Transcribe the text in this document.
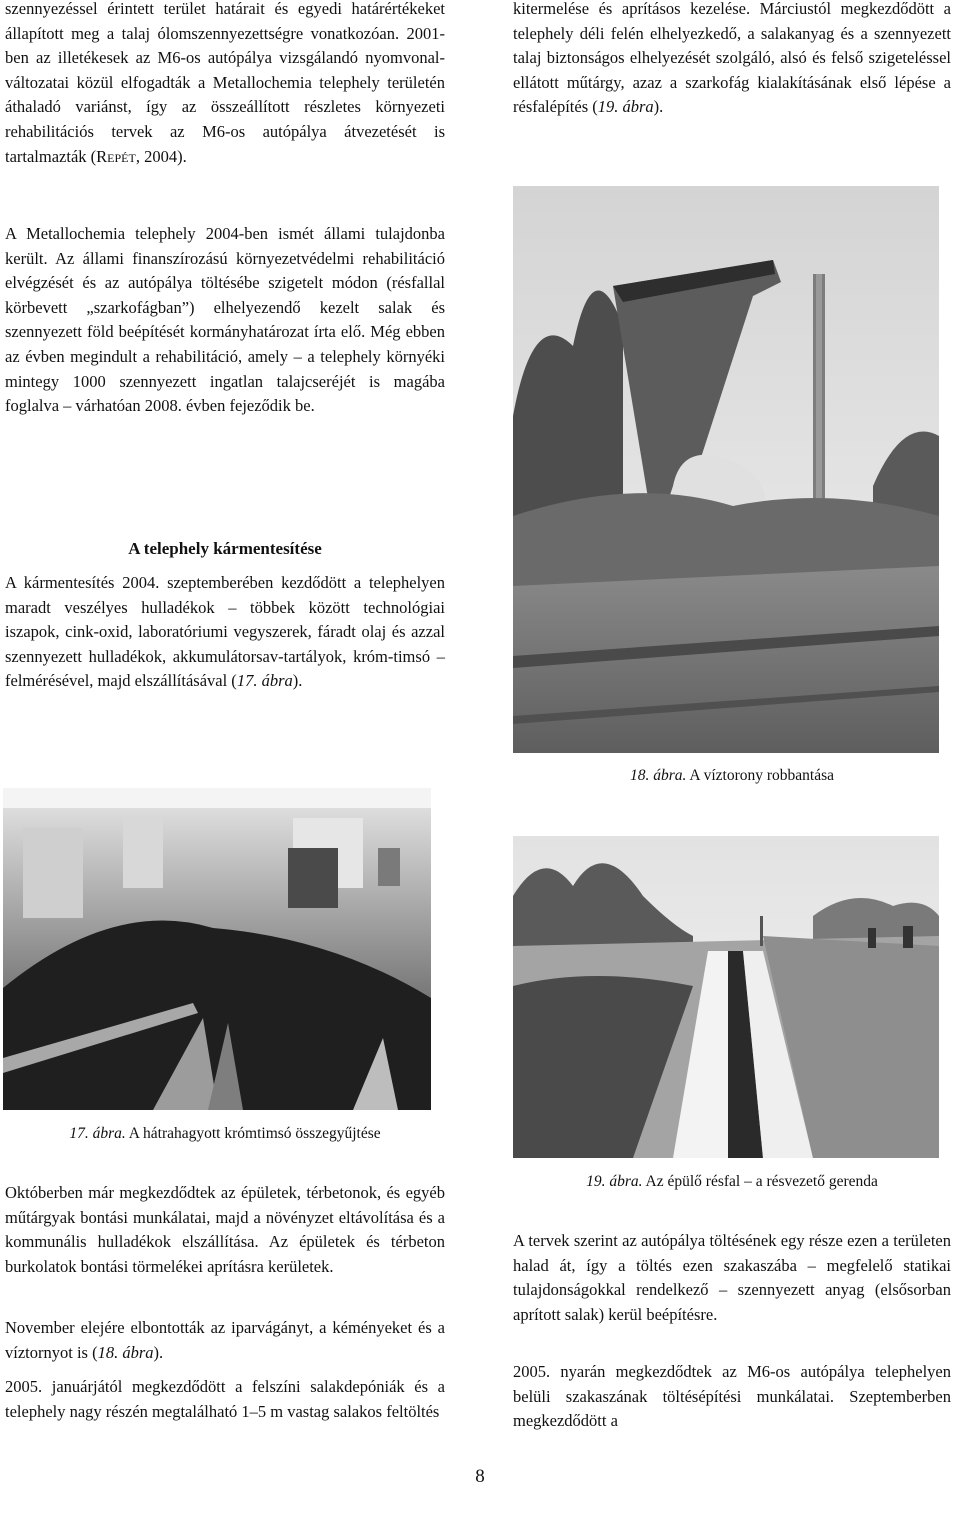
szennyezéssel érintett terület határait és egyedi határértékeket állapított meg a talaj ólomszennyezettségre vonatkozóan. 2001-ben az illetékesek az M6-os autópálya vizsgálandó nyomvonal-változatai közül elfogadták a Metallochemia telephely területén áthaladó variánst, így az összeállított részletes környezeti rehabilitációs tervek az M6-os autópálya átvezetését is tartalmazták (Repét, 2004).

A Metallochemia telephely 2004-ben ismét állami tulajdonba került. Az állami finanszírozású környezetvédelmi rehabilitáció elvégzését és az autópálya töltésébe szigetelt módon (résfallal körbevett „szarkofágban”) elhelyezendő kezelt salak és szennyezett föld beépítését kormányhatározat írta elő. Még ebben az évben megindult a rehabilitáció, amely – a telephely környéki mintegy 1000 szennyezett ingatlan talajcseréjét is magába foglalva – várhatóan 2008. évben fejeződik be.

A telephely kármentesítése

A kármentesítés 2004. szeptemberében kezdődött a telephelyen maradt veszélyes hulladékok – többek között technológiai iszapok, cink-oxid, laboratóriumi vegyszerek, fáradt olaj és azzal szennyezett hulladékok, akkumulátorsav-tartályok, króm-timsó – felmérésével, majd elszállításával (17. ábra).

17. ábra. A hátrahagyott krómtimsó összegyűjtése

Októberben már megkezdődtek az épületek, térbetonok, és egyéb műtárgyak bontási munkálatai, majd a növényzet eltávolítása és a kommunális hulladékok elszállítása. Az épületek és térbeton burkolatok bontási törmelékei aprításra kerületek.

November elejére elbontották az iparvágányt, a kéményeket és a víztornyot is (18. ábra).

2005. januárjától megkezdődött a felszíni salakdepóniák és a telephely nagy részén megtalálható 1–5 m vastag salakos feltöltés

kitermelése és aprításos kezelése. Márciustól megkezdődött a telephely déli felén elhelyezkedő, a salakanyag és a szennyezett talaj biztonságos elhelyezését szolgáló, alsó és felső szigeteléssel ellátott műtárgy, azaz a szarkofág kialakításának első lépése a résfalépítés (19. ábra).

18. ábra. A víztorony robbantása

19. ábra. Az épülő résfal – a résvezető gerenda

A tervek szerint az autópálya töltésének egy része ezen a területen halad át, így a töltés ezen szakaszába – megfelelő statikai tulajdonságokkal rendelkező – szennyezett anyag (elsősorban aprított salak) kerül beépítésre.

2005. nyarán megkezdődtek az M6-os autópálya telephelyen belüli szakaszának töltésépítési munkálatai. Szeptemberben megkezdődött a

8
